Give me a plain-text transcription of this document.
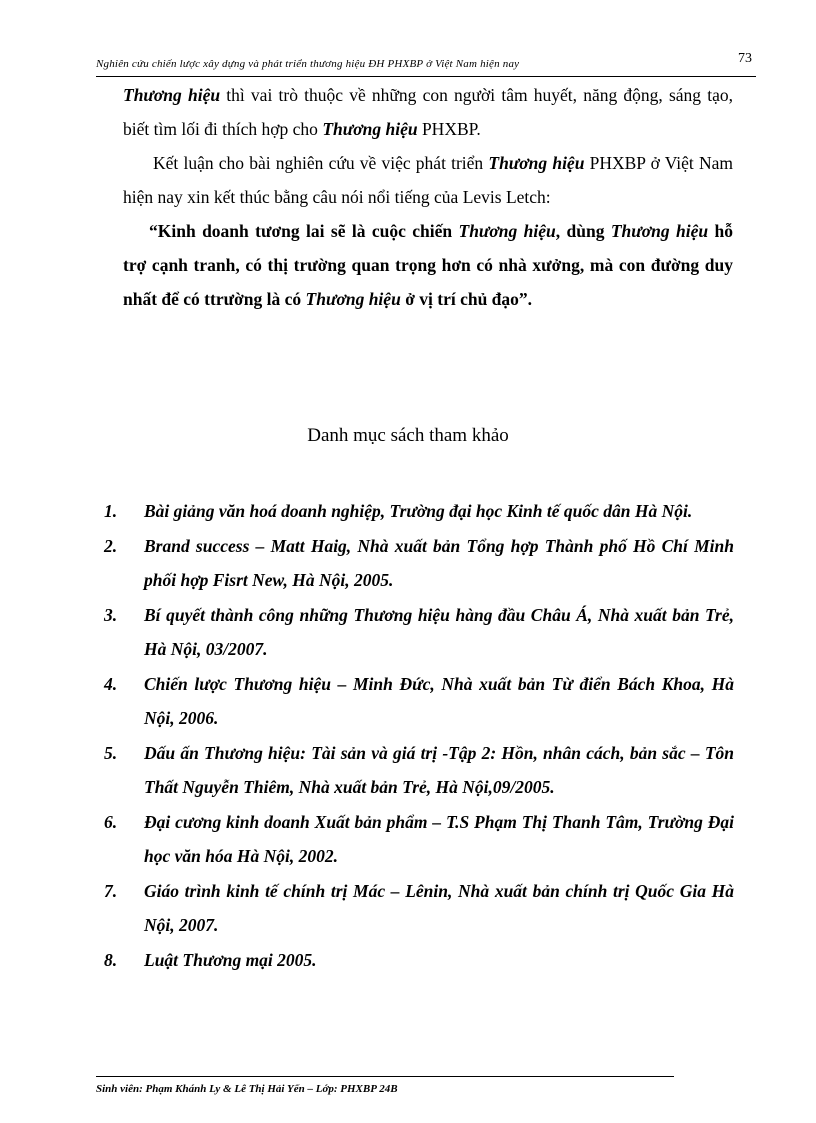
Nghiên cứu chiến lược xây dựng và phát triển thương hiệu ĐH PHXBP ở Việt Nam hiện nay	73
Thương hiệu thì vai trò thuộc về những con người tâm huyết, năng động, sáng tạo, biết tìm lối đi thích hợp cho Thương hiệu PHXBP.
Kết luận cho bài nghiên cứu về việc phát triển Thương hiệu PHXBP ở Việt Nam hiện nay xin kết thúc bằng câu nói nổi tiếng của Levis Letch:
“Kinh doanh tương lai sẽ là cuộc chiến Thương hiệu, dùng Thương hiệu hỗ trợ cạnh tranh, có thị trường quan trọng hơn có nhà xưởng, mà con đường duy nhất để có ttrường là có Thương hiệu ở vị trí chủ đạo”.
Danh mục sách tham khảo
1. Bài giảng văn hoá doanh nghiệp, Trường đại học Kinh tế quốc dân Hà Nội.
2. Brand success – Matt Haig, Nhà xuất bản Tổng hợp Thành phố Hồ Chí Minh phối hợp Fisrt New, Hà Nội, 2005.
3. Bí quyết thành công những Thương hiệu hàng đầu Châu Á, Nhà xuất bản Trẻ, Hà Nội, 03/2007.
4. Chiến lược Thương hiệu – Minh Đức, Nhà xuất bản Từ điển Bách Khoa, Hà Nội, 2006.
5. Dấu ấn Thương hiệu: Tài sản và giá trị -Tập 2: Hồn, nhân cách, bản sắc – Tôn Thất Nguyễn Thiêm, Nhà xuất bản Trẻ, Hà Nội,09/2005.
6. Đại cương kinh doanh Xuất bản phẩm – T.S Phạm Thị Thanh Tâm, Trường Đại học văn hóa Hà Nội, 2002.
7. Giáo trình kinh tế chính trị Mác – Lênin, Nhà xuất bản chính trị Quốc Gia Hà Nội, 2007.
8. Luật Thương mại 2005.
Sinh viên: Phạm Khánh Ly & Lê Thị Hải Yến – Lớp: PHXBP 24B
